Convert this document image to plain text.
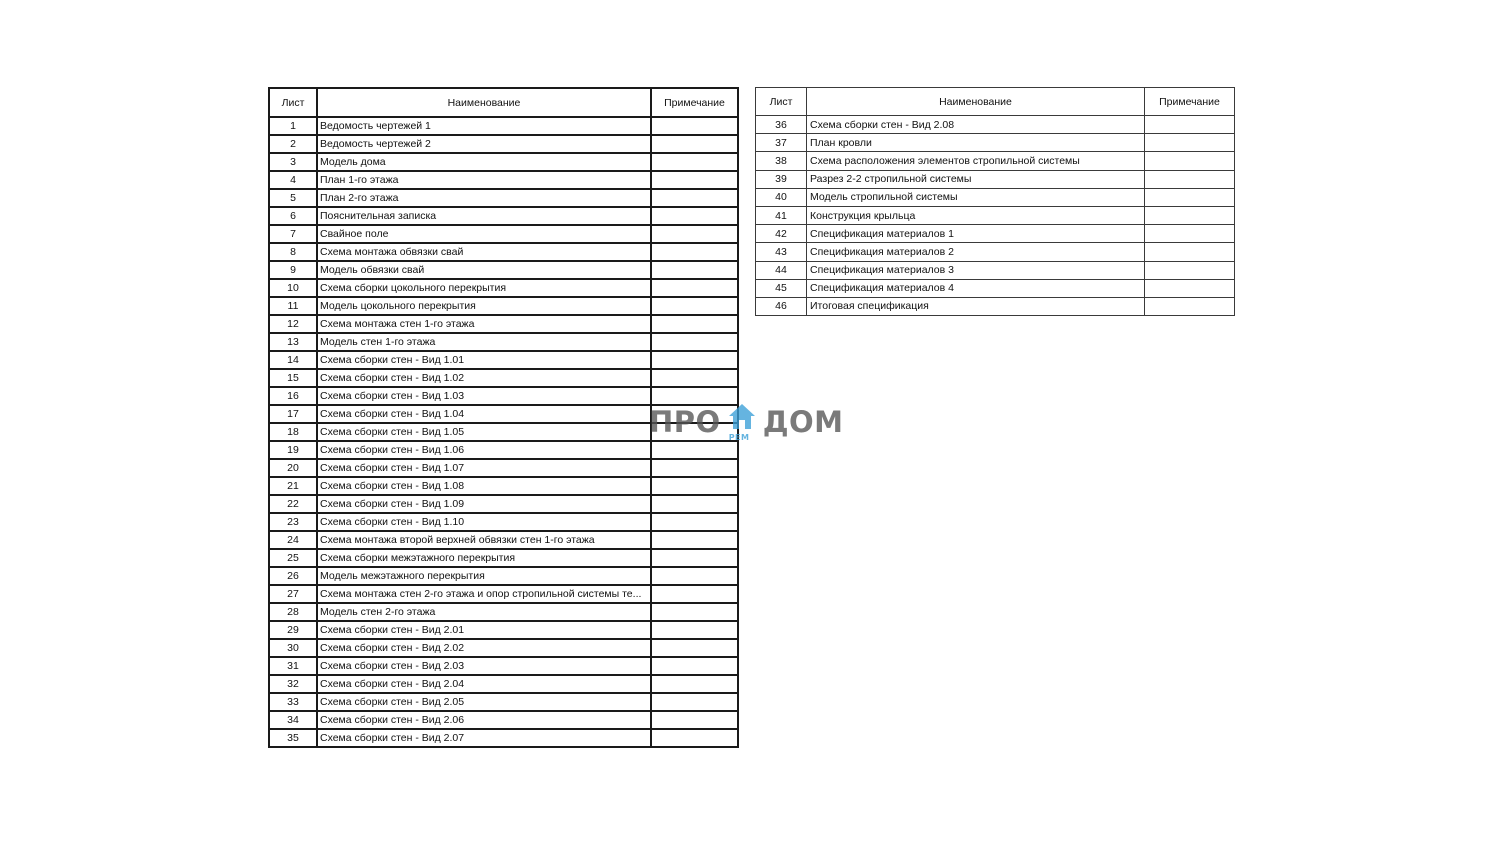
Лист	Наименование	Примечание
1	Ведомость чертежей 1	
2	Ведомость чертежей 2	
3	Модель дома	
4	План 1-го этажа	
5	План 2-го этажа	
6	Пояснительная записка	
7	Свайное поле	
8	Схема монтажа обвязки свай	
9	Модель обвязки свай	
10	Схема сборки цокольного перекрытия	
11	Модель цокольного перекрытия	
12	Схема монтажа стен 1-го этажа	
13	Модель стен 1-го этажа	
14	Схема сборки стен - Вид 1.01	
15	Схема сборки стен - Вид 1.02	
16	Схема сборки стен - Вид 1.03	
17	Схема сборки стен - Вид 1.04	
18	Схема сборки стен - Вид 1.05	
19	Схема сборки стен - Вид 1.06	
20	Схема сборки стен - Вид 1.07	
21	Схема сборки стен - Вид 1.08	
22	Схема сборки стен - Вид 1.09	
23	Схема сборки стен - Вид 1.10	
24	Схема монтажа второй верхней обвязки стен 1-го этажа	
25	Схема сборки межэтажного перекрытия	
26	Модель межэтажного перекрытия	
27	Схема монтажа стен 2-го этажа и опор стропильной системы те...	
28	Модель стен 2-го этажа	
29	Схема сборки стен - Вид 2.01	
30	Схема сборки стен - Вид 2.02	
31	Схема сборки стен - Вид 2.03	
32	Схема сборки стен - Вид 2.04	
33	Схема сборки стен - Вид 2.05	
34	Схема сборки стен - Вид 2.06	
35	Схема сборки стен - Вид 2.07	
Лист	Наименование	Примечание
36	Схема сборки стен - Вид 2.08	
37	План кровли	
38	Схема расположения элементов стропильной системы	
39	Разрез 2-2 стропильной системы	
40	Модель стропильной системы	
41	Конструкция крыльца	
42	Спецификация материалов 1	
43	Спецификация материалов 2	
44	Спецификация материалов 3	
45	Спецификация материалов 4	
46	Итоговая спецификация	
ПРО РЕМ ДОМ
